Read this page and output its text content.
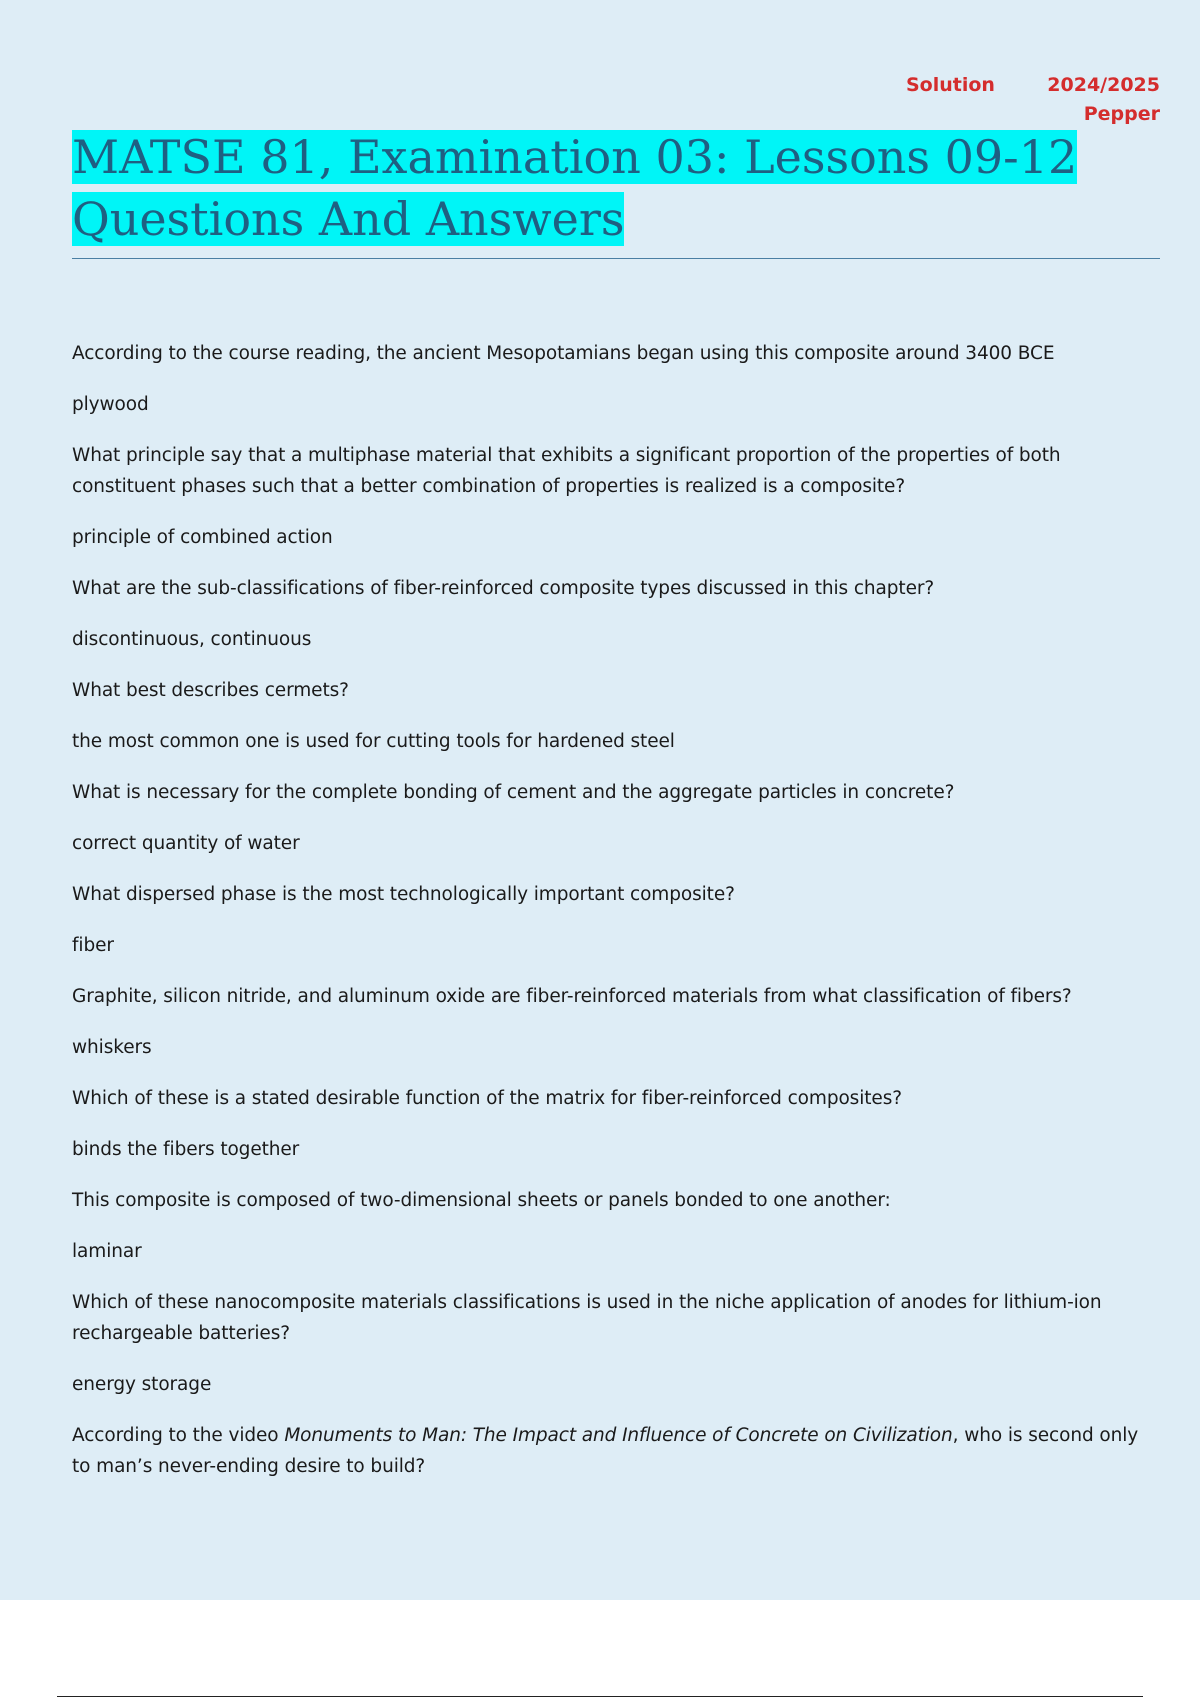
Solution	2024/2025
Pepper
MATSE 81, Examination 03: Lessons 09-12
Questions And Answers

According to the course reading, the ancient Mesopotamians began using this composite around 3400 BCE

plywood

What principle say that a multiphase material that exhibits a significant proportion of the properties of both constituent phases such that a better combination of properties is realized is a composite?

principle of combined action

What are the sub-classifications of fiber-reinforced composite types discussed in this chapter?

discontinuous, continuous

What best describes cermets?

the most common one is used for cutting tools for hardened steel

What is necessary for the complete bonding of cement and the aggregate particles in concrete?

correct quantity of water

What dispersed phase is the most technologically important composite?

fiber

Graphite, silicon nitride, and aluminum oxide are fiber-reinforced materials from what classification of fibers?

whiskers

Which of these is a stated desirable function of the matrix for fiber-reinforced composites?

binds the fibers together

This composite is composed of two-dimensional sheets or panels bonded to one another:

laminar

Which of these nanocomposite materials classifications is used in the niche application of anodes for lithium-ion rechargeable batteries?

energy storage

According to the video Monuments to Man: The Impact and Influence of Concrete on Civilization, who is second only to man’s never-ending desire to build?
